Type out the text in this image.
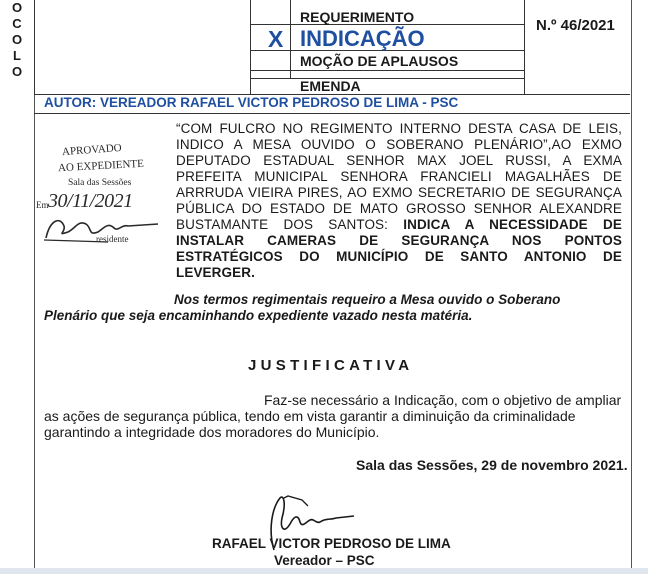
O
C
O
L
O
REQUERIMENTO
X INDICAÇÃO
MOÇÃO DE APLAUSOS
EMENDA
N.º 46/2021
AUTOR: VEREADOR RAFAEL VICTOR PEDROSO DE LIMA - PSC
“COM FULCRO NO REGIMENTO INTERNO DESTA CASA DE LEIS,
INDICO A MESA OUVIDO O SOBERANO PLENÁRIO”,AO EXMO
DEPUTADO ESTADUAL SENHOR MAX JOEL RUSSI, A EXMA
PREFEITA MUNICIPAL SENHORA FRANCIELI MAGALHÃES DE
ARRRUDA VIEIRA PIRES, AO EXMO SECRETARIO DE SEGURANÇA
PÚBLICA DO ESTADO DE MATO GROSSO SENHOR ALEXANDRE
BUSTAMANTE DOS SANTOS: INDICA A NECESSIDADE DE
INSTALAR CAMERAS DE SEGURANÇA NOS PONTOS
ESTRATÉGICOS DO MUNICÍPIO DE SANTO ANTONIO DE
LEVERGER.
APROVADO
AO EXPEDIENTE
Sala das Sessões
Em 30/11/2021
residente
Nos termos regimentais requeiro a Mesa ouvido o Soberano
Plenário que seja encaminhando expediente vazado nesta matéria.
JUSTIFICATIVA
Faz-se necessário a Indicação, com o objetivo de ampliar
as ações de segurança pública, tendo em vista garantir a diminuição da criminalidade
garantindo a integridade dos moradores do Município.
Sala das Sessões, 29 de novembro 2021.
RAFAEL VICTOR PEDROSO DE LIMA
Vereador – PSC
